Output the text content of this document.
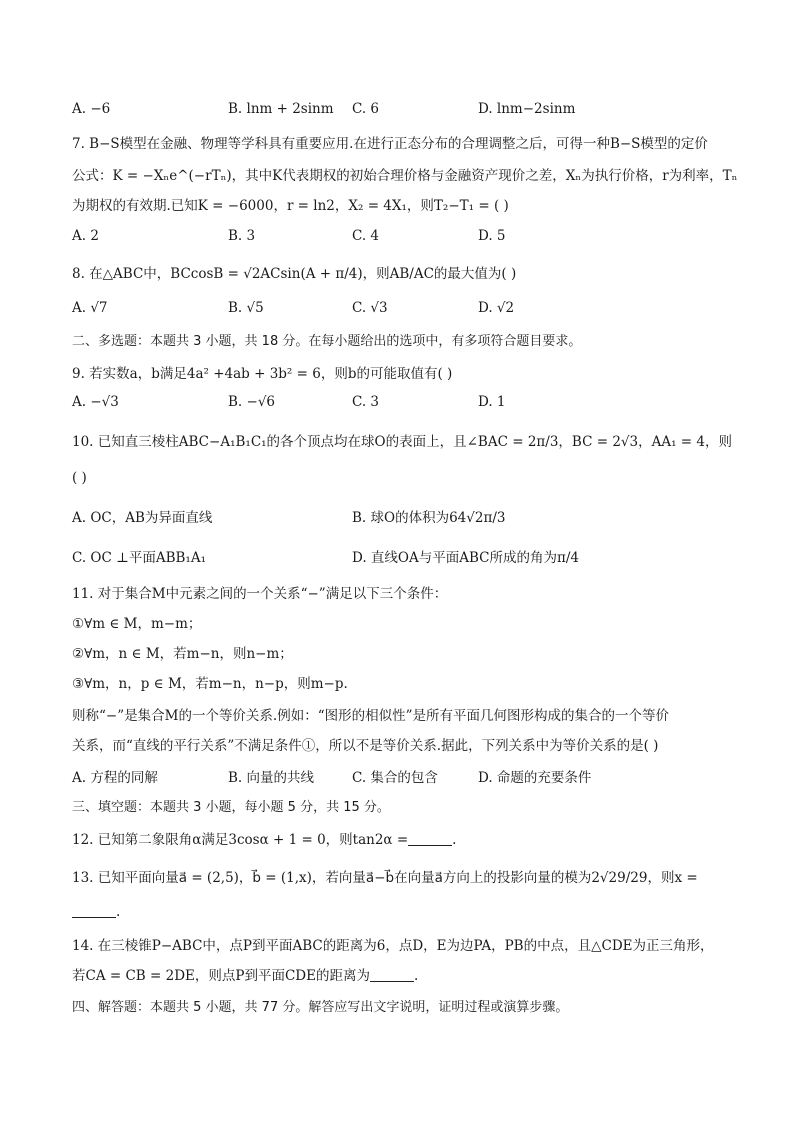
A. −6	B. lnm + 2sinm C. 6	D. lnm−2sinm
7. B−S模型在金融、物理等学科具有重要应用.在进行正态分布的合理调整之后，可得一种B−S模型的定价
公式：K = −Xₙe^(−rTₙ)，其中K代表期权的初始合理价格与金融资产现价之差，Xₙ为执行价格，r为利率，Tₙ
为期权的有效期.已知K = −6000，r = ln2，X₂ = 4X₁，则T₂−T₁ = ( )
A. 2	B. 3	C. 4	D. 5
8. 在△ABC中，BCcosB = √2ACsin(A + π/4)，则AB/AC的最大值为( )
A. √7	B. √5	C. √3	D. √2
二、多选题：本题共 3 小题，共 18 分。在每小题给出的选项中，有多项符合题目要求。
9. 若实数a，b满足4a² +4ab + 3b² = 6，则b的可能取值有( )
A. −√3	B. −√6	C. 3	D. 1
10. 已知直三棱柱ABC−A₁B₁C₁的各个顶点均在球O的表面上，且∠BAC = 2π/3，BC = 2√3，AA₁ = 4，则
( )
A. OC，AB为异面直线	B. 球O的体积为64√2π/3
C. OC ⊥平面ABB₁A₁	D. 直线OA与平面ABC所成的角为π/4
11. 对于集合M中元素之间的一个关系“−”满足以下三个条件：
①∀m ∈ M，m−m；
②∀m，n ∈ M，若m−n，则n−m；
③∀m，n，p ∈ M，若m−n，n−p，则m−p.
则称“−”是集合M的一个等价关系.例如：“图形的相似性”是所有平面几何图形构成的集合的一个等价
关系，而“直线的平行关系”不满足条件①，所以不是等价关系.据此，下列关系中为等价关系的是( )
A. 方程的同解	B. 向量的共线	C. 集合的包含	D. 命题的充要条件
三、填空题：本题共 3 小题，每小题 5 分，共 15 分。
12. 已知第二象限角α满足3cosα + 1 = 0，则tan2α =	.
13. 已知平面向量a⃗ = (2,5)，b⃗ = (1,x)，若向量a⃗−b⃗在向量a⃗方向上的投影向量的模为2√29/29，则x =
.
14. 在三棱锥P−ABC中，点P到平面ABC的距离为6，点D，E为边PA，PB的中点，且△CDE为正三角形，
若CA = CB = 2DE，则点P到平面CDE的距离为	.
四、解答题：本题共 5 小题，共 77 分。解答应写出文字说明，证明过程或演算步骤。
